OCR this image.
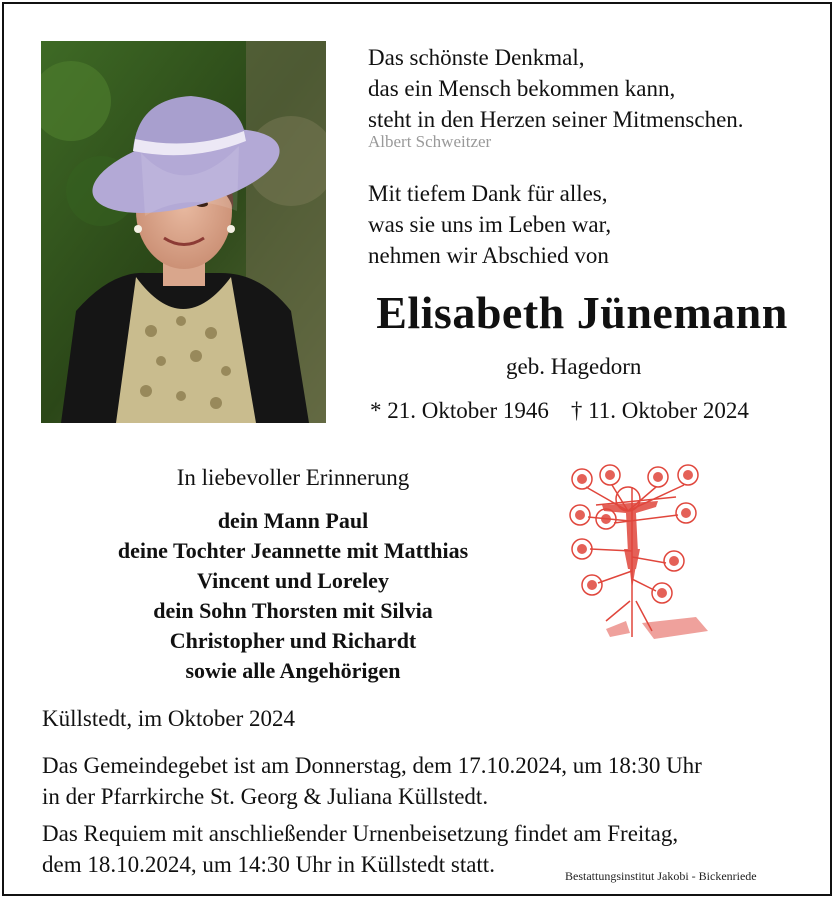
Das schönste Denkmal,
das ein Mensch bekommen kann,
steht in den Herzen seiner Mitmenschen.
Albert Schweitzer
Mit tiefem Dank für alles,
was sie uns im Leben war,
nehmen wir Abschied von
Elisabeth Jünemann
geb. Hagedorn
* 21. Oktober 1946 † 11. Oktober 2024
In liebevoller Erinnerung
dein Mann Paul
deine Tochter Jeannette mit Matthias
Vincent und Loreley
dein Sohn Thorsten mit Silvia
Christopher und Richardt
sowie alle Angehörigen
Küllstedt, im Oktober 2024
Das Gemeindegebet ist am Donnerstag, dem 17.10.2024, um 18:30 Uhr
in der Pfarrkirche St. Georg & Juliana Küllstedt.
Das Requiem mit anschließender Urnenbeisetzung findet am Freitag,
dem 18.10.2024, um 14:30 Uhr in Küllstedt statt.	Bestattungsinstitut Jakobi - Bickenriede
